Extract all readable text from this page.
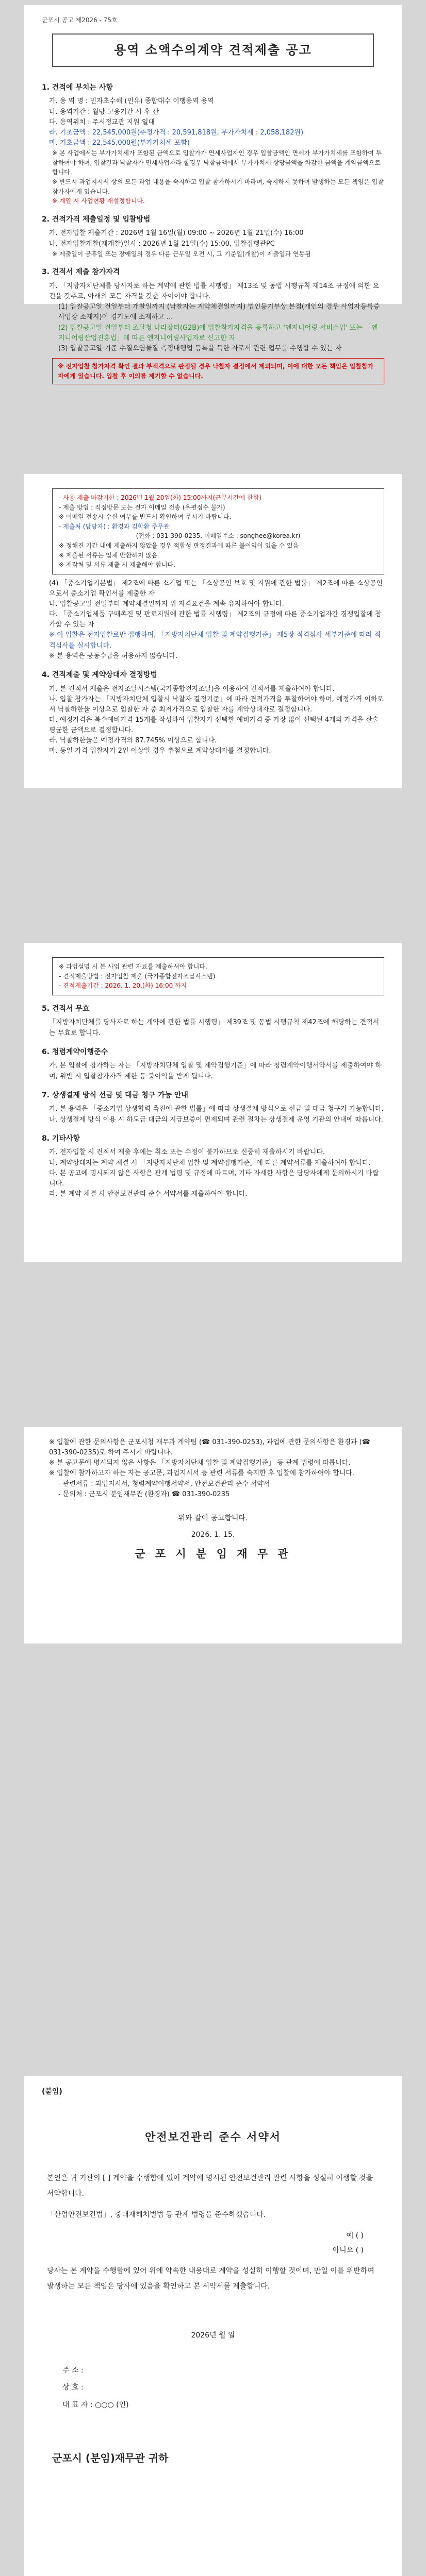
군포시 공고 제2026 - 75호
용역 소액수의계약 견적제출 공고
1. 견적에 부치는 사항
가. 용 역 명 : 민자초수해 (민유) 종합대수 이행용역 용역
나. 용역기간 : 월당 고용기간 시 후 산
다. 용역위치 : 주시정교관 지원 일대
라. 기초금액 : 22,545,000원(추정가격 : 20,591,818원, 부가가치세 : 2,058,182원)
마. 기초금액 : 22,545,000원(부가가치세 포함)
※ 본 사업에서는 부가가치세가 포함된 금액으로 입찰가가 면세사업자인 경우 입찰금액인 면세가 부가가치세를 포함하여 투찰하여야 하며, 입찰결과 낙찰자가 면세사업자라 할경우 낙찰금액에서 부가가치세 상당금액을 차감한 금액을 계약금액으로 합니다.
※ 반드시 과업지시서 상의 모든 과업 내용을 숙지하고 입찰 참가하시기 바라며, 숙지하지 못하여 발생하는 모든 책임은 입찰참가자에게 있습니다.
※ 계열 시 사업현황 재설정합니다.
2. 견적가격 제출일정 및 입찰방법
가. 전자입찰 제출기간 : 2026년 1월 16일(월) 09:00 ~ 2026년 1월 21일(수) 16:00
나. 전자입찰개찰(재개찰)일시 : 2026년 1월 21일(수) 15:00, 입찰집행관PC
※ 제출일이 공휴일 또는 장애일의 경우 다음 근무일 오전 시, 그 기준일(개찰)이 제출일과 연동됨
3. 견적서 제출 참가자격
가. 「지방자치단체를 당사자로 하는 계약에 관한 법률 시행령」 제13조 및 동법 시행규칙 제14조 규정에 의한 요건을 갖추고, 아래의 모든 자격을 갖춘 자이어야 합니다.
(1) 입찰공고일 전일부터 개찰일까지 (낙찰자는 계약체결일까지) 법인등기부상 본점(개인의 경우 사업자등록증 사업장 소재지)이 경기도에 소재하고 ...
(2) 입찰공고일 전일부터 조달청 나라장터(G2B)에 입찰참가자격을 등록하고 '엔지니어링 서비스업' 또는 「엔지니어링산업진흥법」에 따른 엔지니어링사업자로 신고한 자
(3) 입찰공고일 기준 수질오염물질 측정대행업 등록을 득한 자로서 관련 업무를 수행할 수 있는 자
※ 전자입찰 참가자격 확인 결과 부적격으로 판정될 경우 낙찰자 결정에서 제외되며, 이에 대한 모든 책임은 입찰참가자에게 있습니다. 입찰 후 이의를 제기할 수 없습니다.
- 사용 제출 마감기한 : 2026년 1월 20일(화) 15:00까지(근무시간에 한함)
- 제출 방법 : 직접방문 또는 전자 이메일 전송 (우편접수 불가)
※ 이메일 전송시 수신 여부를 반드시 확인하여 주시기 바랍니다.
- 제출처 (담당자) : 환경과 김학환 주무관
(전화 : 031-390-0235, 이메일주소 : songhee@korea.kr)
※ 정해진 기간 내에 제출하지 않았을 경우 적합성 판정결과에 따른 불이익이 있을 수 있음
※ 제출된 서류는 일체 반환하지 않음
※ 제작처 및 서류 제출 시 제출해야 합니다.
(4) 「중소기업기본법」 제2조에 따른 소기업 또는 「소상공인 보호 및 지원에 관한 법률」 제2조에 따른 소상공인으로서 중소기업 확인서를 제출한 자
나. 입찰공고일 전일부터 계약체결일까지 위 자격요건을 계속 유지하여야 합니다.
다. 「중소기업제품 구매촉진 및 판로지원에 관한 법률 시행령」 제2조의 규정에 따른 중소기업자간 경쟁입찰에 참가할 수 있는 자
※ 이 입찰은 전자입찰로만 집행하며, 「지방자치단체 입찰 및 계약집행기준」 제5장 적격심사 세부기준에 따라 적격심사를 실시합니다.
※ 본 용역은 공동수급을 허용하지 않습니다.
4. 견적제출 및 계약상대자 결정방법
가. 본 견적서 제출은 전자조달시스템(국가종합전자조달)을 이용하여 견적서를 제출하여야 합니다.
나. 입찰 참가자는 「지방자치단체 입찰시 낙찰자 결정기준」에 따라 견적가격을 투찰하여야 하며, 예정가격 이하로서 낙찰하한율 이상으로 입찰한 자 중 최저가격으로 입찰한 자를 계약상대자로 결정합니다.
다. 예정가격은 복수예비가격 15개를 작성하여 입찰자가 선택한 예비가격 중 가장 많이 선택된 4개의 가격을 산술평균한 금액으로 결정합니다.
라. 낙찰하한율은 예정가격의 87.745% 이상으로 합니다.
마. 동일 가격 입찰자가 2인 이상일 경우 추첨으로 계약상대자를 결정합니다.
※ 과업설명 시 본 사업 관련 자료를 제출하셔야 합니다.
- 견적제출방법 : 전자입찰 제출 (국가종합전자조달시스템)
- 견적제출기간 : 2026. 1. 20.(화) 16:00 까지
5. 견적서 무효
「지방자치단체를 당사자로 하는 계약에 관한 법률 시행령」 제39조 및 동법 시행규칙 제42조에 해당하는 견적서는 무효로 합니다.
6. 청렴계약이행준수
가. 본 입찰에 참가하는 자는 「지방자치단체 입찰 및 계약집행기준」에 따라 청렴계약이행서약서를 제출하여야 하며, 위반 시 입찰참가자격 제한 등 불이익을 받게 됩니다.
7. 상생결제 방식 선금 및 대금 청구 가능 안내
가. 본 용역은 「중소기업 상생협력 촉진에 관한 법률」에 따라 상생결제 방식으로 선금 및 대금 청구가 가능합니다.
나. 상생결제 방식 이용 시 하도급 대금의 지급보증이 면제되며 관련 절차는 상생결제 운영 기관의 안내에 따릅니다.
8. 기타사항
가. 전자입찰 시 견적서 제출 후에는 취소 또는 수정이 불가하므로 신중히 제출하시기 바랍니다.
나. 계약상대자는 계약 체결 시 「지방자치단체 입찰 및 계약집행기준」에 따른 계약서류를 제출하여야 합니다.
다. 본 공고에 명시되지 않은 사항은 관계 법령 및 규정에 따르며, 기타 자세한 사항은 담당자에게 문의하시기 바랍니다.
라. 본 계약 체결 시 안전보건관리 준수 서약서를 제출하여야 합니다.
※ 입찰에 관한 문의사항은 군포시청 재무과 계약팀 (☎ 031-390-0253), 과업에 관한 문의사항은 환경과 (☎ 031-390-0235)로 하여 주시기 바랍니다.
※ 본 공고문에 명시되지 않은 사항은 「지방자치단체 입찰 및 계약집행기준」 등 관계 법령에 따릅니다.
※ 입찰에 참가하고자 하는 자는 공고문, 과업지시서 등 관련 서류를 숙지한 후 입찰에 참가하여야 합니다.
- 관련서류 : 과업지시서, 청렴계약이행서약서, 안전보건관리 준수 서약서
- 문의처 : 군포시 분임재무관 (환경과) ☎ 031-390-0235
위와 같이 공고합니다.
2026. 1. 15.
군 포 시 분 임 재 무 관
(붙임)
안전보건관리 준수 서약서

본인은 귀 기관의 [ ] 계약을 수행함에 있어 계약에 명시된 안전보건관리 관련 사항을 성실히 이행할 것을 서약합니다.

「산업안전보건법」, 중대재해처벌법 등 관계 법령을 준수하겠습니다.

예 ( )
아니오 ( )

당사는 본 계약을 수행함에 있어 위에 약속한 내용대로 계약을 성실히 이행할 것이며, 만일 이를 위반하여 발생하는 모든 책임은 당사에 있음을 확인하고 본 서약서를 제출합니다.

2026년 월 일
주 소 :
상 호 :
대 표 자 : ○○○ (인)
군포시 (분임)재무관 귀하
